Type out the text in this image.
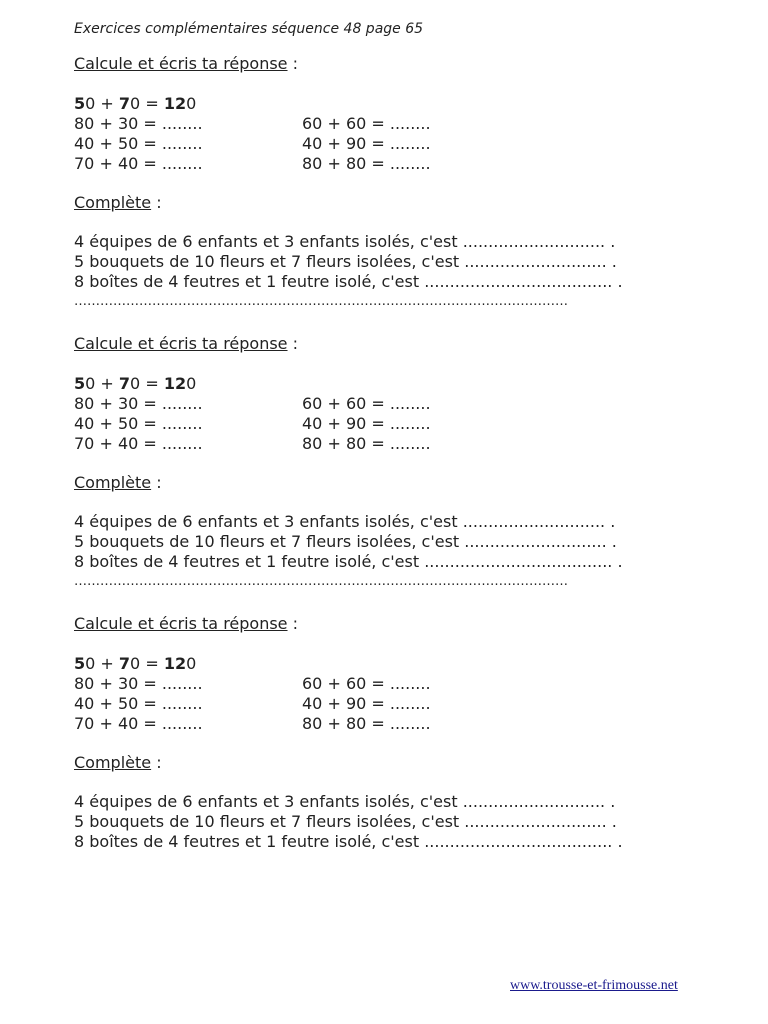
Exercices complémentaires séquence 48 page 65
Calcule et écris ta réponse :
50 + 70 = 120
80 + 30 = ........
40 + 50 = ........
70 + 40 = ........
60 + 60 = ........
40 + 90 = ........
80 + 80 = ........
Complète :
4 équipes de 6 enfants et 3 enfants isolés, c'est ............................ .
5 bouquets de 10 fleurs et 7 fleurs isolées, c'est ............................ .
8 boîtes de 4 feutres et 1 feutre isolé, c'est ..................................... .
……………………………………………………………………………………………………
Calcule et écris ta réponse :
50 + 70 = 120
80 + 30 = ........
40 + 50 = ........
70 + 40 = ........
60 + 60 = ........
40 + 90 = ........
80 + 80 = ........
Complète :
4 équipes de 6 enfants et 3 enfants isolés, c'est ............................ .
5 bouquets de 10 fleurs et 7 fleurs isolées, c'est ............................ .
8 boîtes de 4 feutres et 1 feutre isolé, c'est ..................................... .
……………………………………………………………………………………………………
Calcule et écris ta réponse :
50 + 70 = 120
80 + 30 = ........
40 + 50 = ........
70 + 40 = ........
60 + 60 = ........
40 + 90 = ........
80 + 80 = ........
Complète :
4 équipes de 6 enfants et 3 enfants isolés, c'est ............................ .
5 bouquets de 10 fleurs et 7 fleurs isolées, c'est ............................ .
8 boîtes de 4 feutres et 1 feutre isolé, c'est ..................................... .
www.trousse-et-frimousse.net
